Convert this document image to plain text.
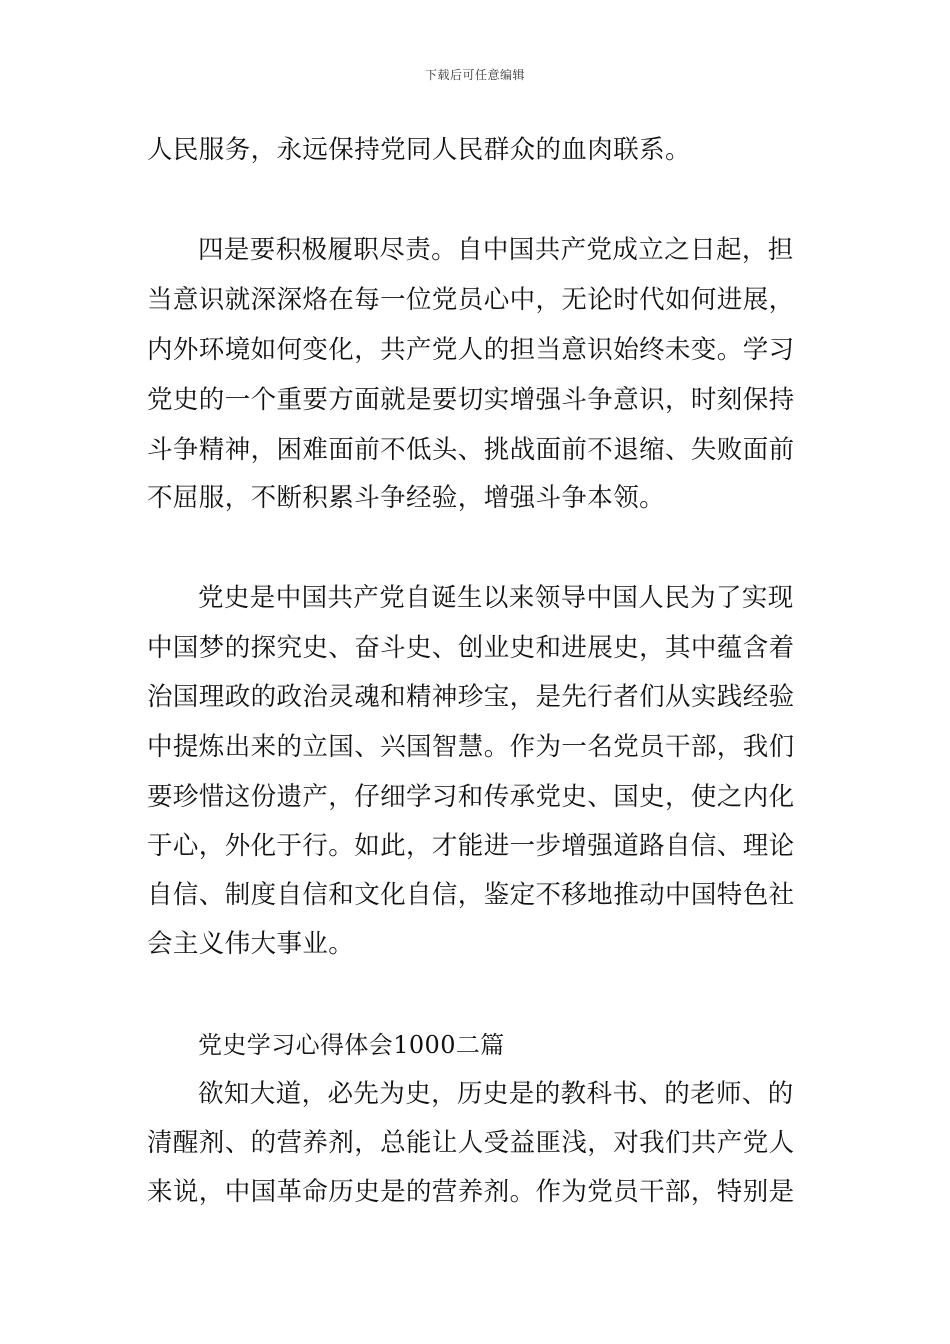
下载后可任意编辑
人民服务，永远保持党同人民群众的血肉联系。
四是要积极履职尽责。自中国共产党成立之日起，担
当意识就深深烙在每一位党员心中，无论时代如何进展，
内外环境如何变化，共产党人的担当意识始终未变。学习
党史的一个重要方面就是要切实增强斗争意识，时刻保持
斗争精神，困难面前不低头、挑战面前不退缩、失败面前
不屈服，不断积累斗争经验，增强斗争本领。
党史是中国共产党自诞生以来领导中国人民为了实现
中国梦的探究史、奋斗史、创业史和进展史，其中蕴含着
治国理政的政治灵魂和精神珍宝，是先行者们从实践经验
中提炼出来的立国、兴国智慧。作为一名党员干部，我们
要珍惜这份遗产，仔细学习和传承党史、国史，使之内化
于心，外化于行。如此，才能进一步增强道路自信、理论
自信、制度自信和文化自信，鉴定不移地推动中国特色社
会主义伟大事业。
党史学习心得体会1000二篇
欲知大道，必先为史，历史是的教科书、的老师、的
清醒剂、的营养剂，总能让人受益匪浅，对我们共产党人
来说，中国革命历史是的营养剂。作为党员干部，特别是
